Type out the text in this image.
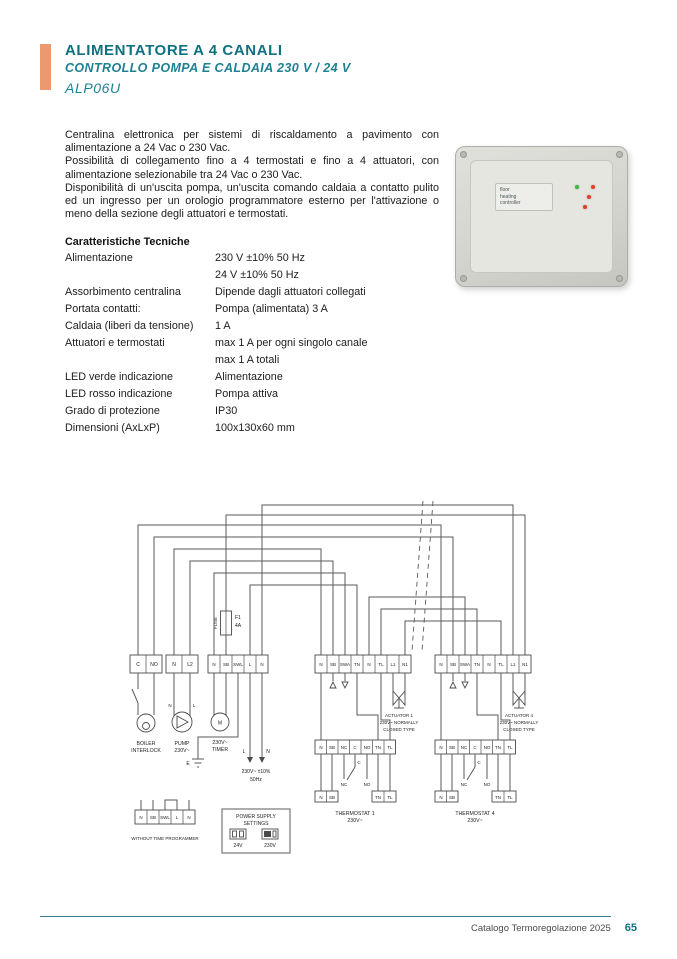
ALIMENTATORE A 4 CANALI
CONTROLLO POMPA E CALDAIA 230 V / 24 V
ALP06U

Centralina elettronica per sistemi di riscaldamento a pavimento con alimentazione a 24 Vac o 230 Vac.

Possibilità di collegamento fino a 4 termostati e fino a 4 attuatori, con alimentazione selezionabile tra 24 Vac o 230 Vac.

Disponibilità di un'uscita pompa, un'uscita comando caldaia a contatto pulito ed un ingresso per un orologio programmatore esterno per l'attivazione o meno della sezione degli attuatori e termostati.

floor
heating
controller
Caratteristiche Tecniche
Alimentazione	230 V ±10% 50 Hz
24 V ±10% 50 Hz
Assorbimento centralina	Dipende dagli attuatori collegati
Portata contatti:	Pompa (alimentata) 3 A
Caldaia (liberi da tensione)	1 A
Attuatori e termostati	max 1 A per ogni singolo canale
max 1 A totali
LED verde indicazione	Alimentazione
LED rosso indicazione	Pompa attiva
Grado di protezione	IP30
Dimensioni (AxLxP)	100x130x60 mm
F1
4A
FUSE
C NO	N L2	N SB SWL L N	N SB SWA TN N TL L1 N1	N SB SWA TN N TL L1 N1
BOILER
INTERLOCK
N	L
PUMP
230V~
M
230V~
TIMER
E
L	N
230V~ ±10%
50Hz
ACTUATOR 1
230V~ NORMALLY
CLOSED TYPE
ACTUATOR 4
230V~ NORMALLY
CLOSED TYPE
N SB NC C NO TN TL
C
NC	NO
N SB	TN TL
THERMOSTAT 1
230V~
N SB NC C NO TN TL
C
NC	NO
N SB	TN TL
THERMOSTAT 4
230V~
N SB SWL L N
WITHOUT TIME PROGRAMMER
POWER SUPPLY
SETTINGS
24V	230V
Catalogo Termoregolazione 2025 65
